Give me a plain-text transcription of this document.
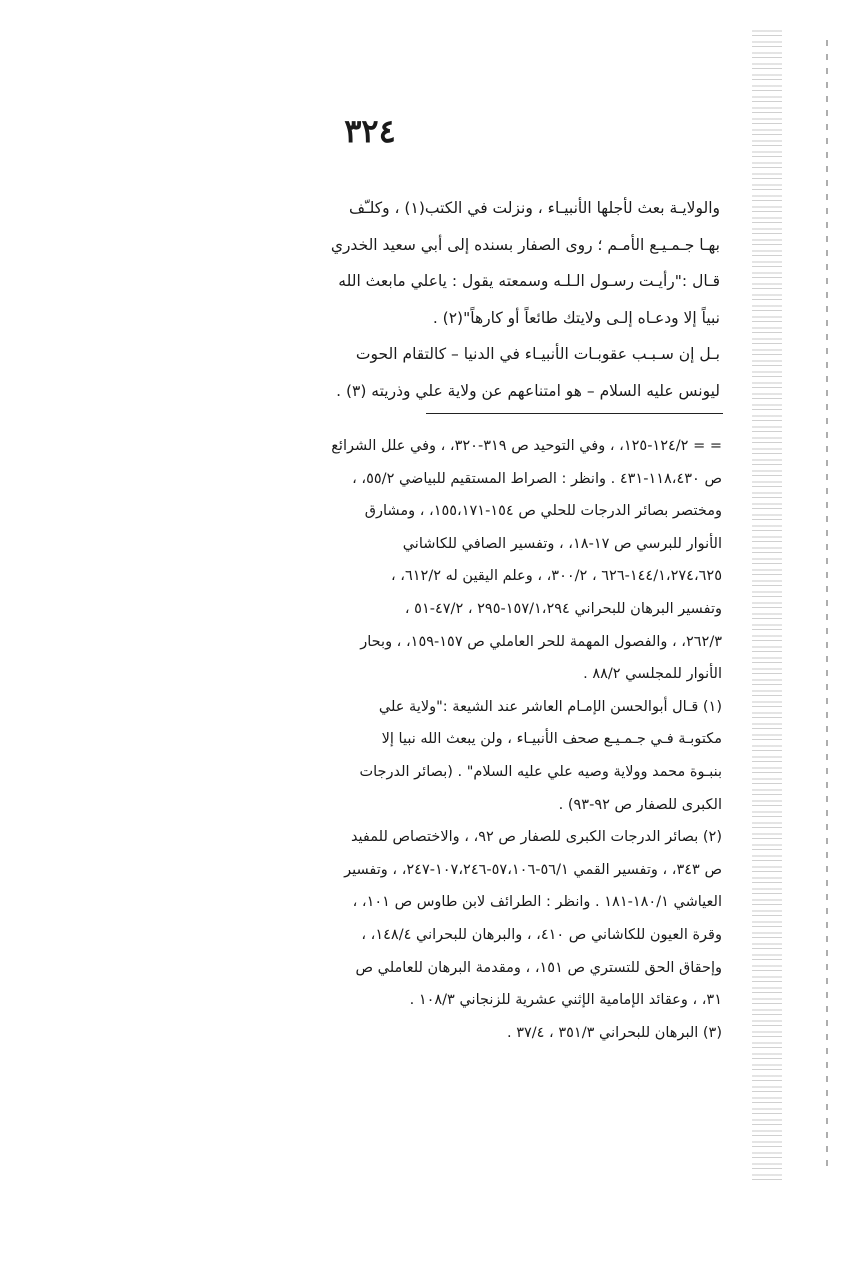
٣٢٤
والولايـة بعث لأجلها الأنبيـاء ، ونزلت في الكتب(١) ، وكلـّف
بهـا جـمـيـع الأمـم ؛ روى الصفار بسنده إلى أبي سعيد الخدري
قـال :"رأيـت رسـول الـلـه وسمعته يقول : ياعلي مابعث الله
نبياً إلا ودعـاه إلـى ولايتك طائعاً أو كارهاً"(٢) .
بـل إن سـبـب عقوبـات الأنبيـاء في الدنيا – كالتقام الحوت
ليونس عليه السلام – هو امتناعهم عن ولاية علي وذريته (٣) .
= = ١٢٤/٢-١٢٥، ، وفي التوحيد ص ٣١٩-٣٢٠، ، وفي علل الشرائع
ص ١١٨،٤٣٠-٤٣١ . وانظر : الصراط المستقيم للبياضي ٥٥/٢، ،
ومختصر بصائر الدرجات للحلي ص ١٥٤-١٥٥،١٧١، ، ومشارق
الأنوار للبرسي ص ١٧-١٨، ، وتفسير الصافي للكاشاني
١٤٤/١،٢٧٤،٦٢٥-٦٢٦ ، ٣٠٠/٢، ، وعلم اليقين له ٦١٢/٢، ،
وتفسير البرهان للبحراني ١٥٧/١،٢٩٤-٢٩٥ ، ٤٧/٢-٥١ ،
٢٦٢/٣، ، والفصول المهمة للحر العاملي ص ١٥٧-١٥٩، ، وبحار
الأنوار للمجلسي ٨٨/٢ .
(١) قـال أبوالحسن الإمـام العاشر عند الشيعة :"ولاية علي
مكتوبـة فـي جـمـيـع صحف الأنبيـاء ، ولن يبعث الله نبيا إلا
بنبـوة محمد وولاية وصيه علي عليه السلام" . (بصائر الدرجات
الكبرى للصفار ص ٩٢-٩٣) .
(٢) بصائر الدرجات الكبرى للصفار ص ٩٢، ، والاختصاص للمفيد
ص ٣٤٣، ، وتفسير القمي ٥٦/١-٥٧،١٠٦-١٠٧،٢٤٦-٢٤٧، ، وتفسير
العياشي ١٨٠/١-١٨١ . وانظر : الطرائف لابن طاوس ص ١٠١، ،
وقرة العيون للكاشاني ص ٤١٠، ، والبرهان للبحراني ١٤٨/٤، ،
وإحقاق الحق للتستري ص ١٥١، ، ومقدمة البرهان للعاملي ص
٣١، ، وعقائد الإمامية الإثني عشرية للزنجاني ١٠٨/٣ .
(٣) البرهان للبحراني ٣٥١/٣ ، ٣٧/٤ .
